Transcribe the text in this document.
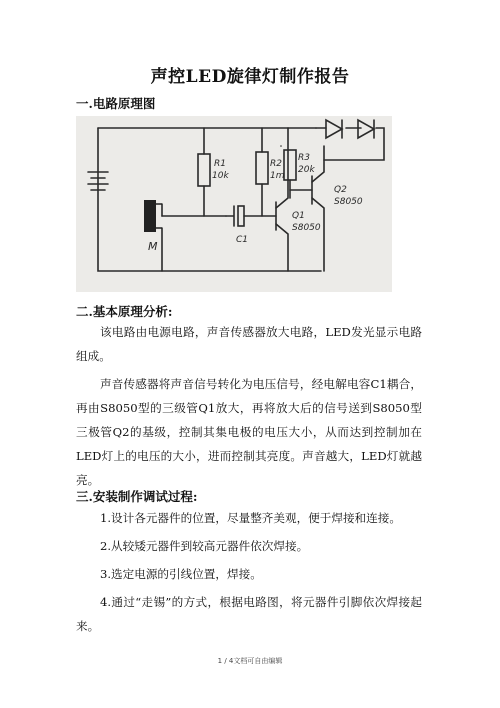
声控LED旋律灯制作报告
一.电路原理图
R1
10k
R2
1m
R3
20k
Q1
S8050
Q2
S8050
C1
M
二.基本原理分析:
该电路由电源电路，声音传感器放大电路，LED发光显示电路组成。
声音传感器将声音信号转化为电压信号，经电解电容C1耦合，再由S8050型的三级管Q1放大，再将放大后的信号送到S8050型三极管Q2的基级，控制其集电极的电压大小，从而达到控制加在LED灯上的电压的大小，进而控制其亮度。声音越大，LED灯就越亮。
三.安装制作调试过程:
1.设计各元器件的位置，尽量整齐美观，便于焊接和连接。
2.从较矮元器件到较高元器件依次焊接。
3.选定电源的引线位置，焊接。
4.通过“走锡”的方式，根据电路图，将元器件引脚依次焊接起来。
1 / 4文档可自由编辑
